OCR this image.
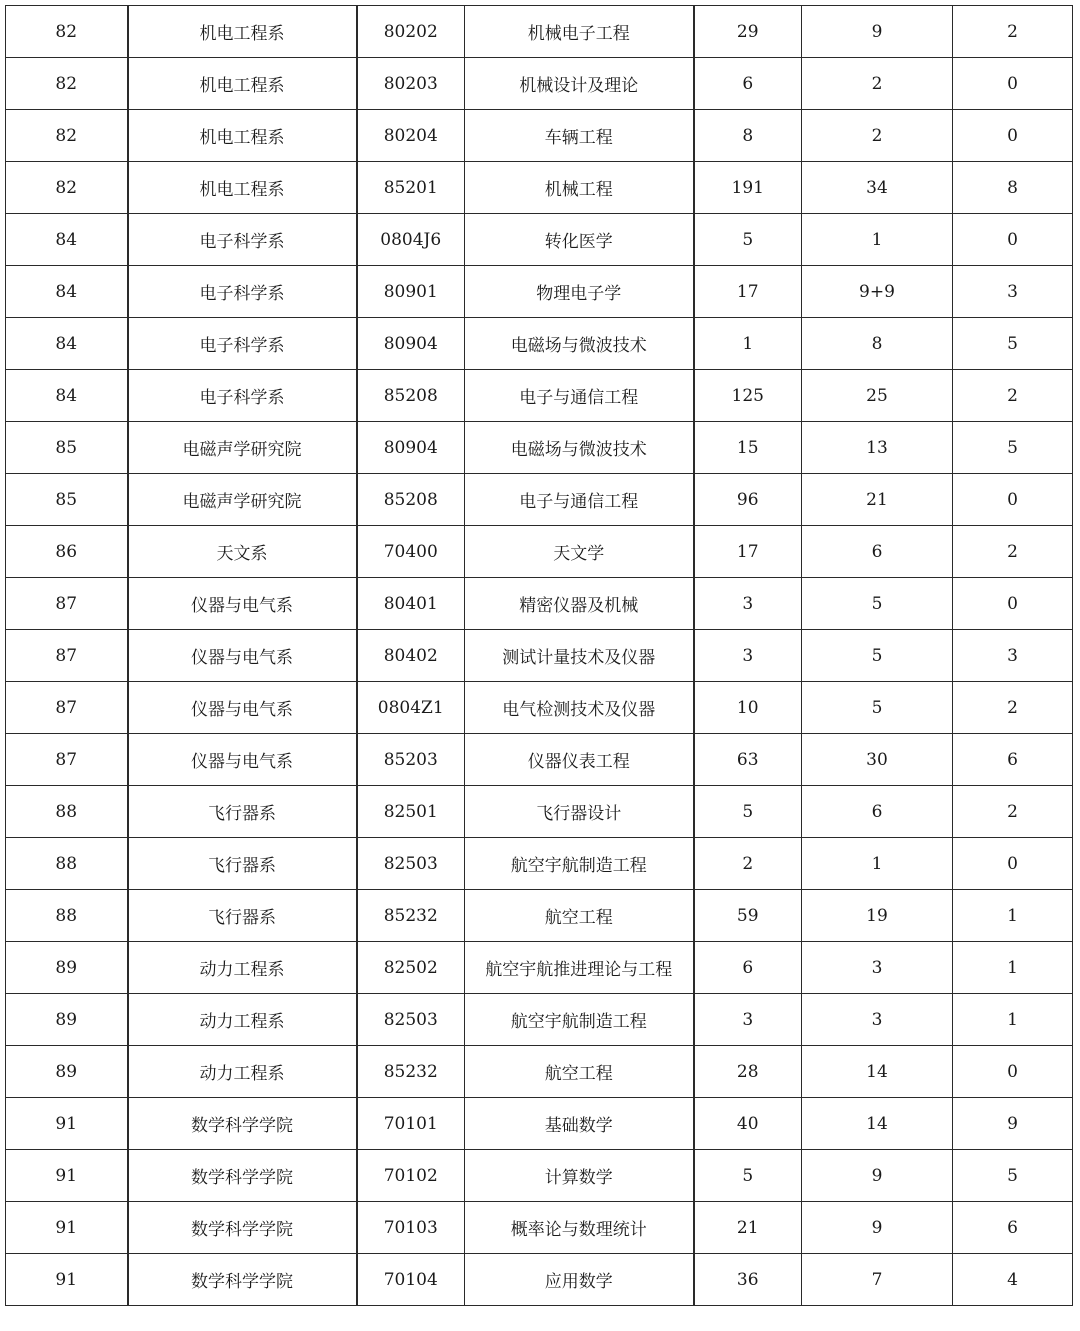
82	机电工程系	80202	机械电子工程	29	9	2
82	机电工程系	80203	机械设计及理论	6	2	0
82	机电工程系	80204	车辆工程	8	2	0
82	机电工程系	85201	机械工程	191	34	8
84	电子科学系	0804J6	转化医学	5	1	0
84	电子科学系	80901	物理电子学	17	9+9	3
84	电子科学系	80904	电磁场与微波技术	1	8	5
84	电子科学系	85208	电子与通信工程	125	25	2
85	电磁声学研究院	80904	电磁场与微波技术	15	13	5
85	电磁声学研究院	85208	电子与通信工程	96	21	0
86	天文系	70400	天文学	17	6	2
87	仪器与电气系	80401	精密仪器及机械	3	5	0
87	仪器与电气系	80402	测试计量技术及仪器	3	5	3
87	仪器与电气系	0804Z1	电气检测技术及仪器	10	5	2
87	仪器与电气系	85203	仪器仪表工程	63	30	6
88	飞行器系	82501	飞行器设计	5	6	2
88	飞行器系	82503	航空宇航制造工程	2	1	0
88	飞行器系	85232	航空工程	59	19	1
89	动力工程系	82502	航空宇航推进理论与工程	6	3	1
89	动力工程系	82503	航空宇航制造工程	3	3	1
89	动力工程系	85232	航空工程	28	14	0
91	数学科学学院	70101	基础数学	40	14	9
91	数学科学学院	70102	计算数学	5	9	5
91	数学科学学院	70103	概率论与数理统计	21	9	6
91	数学科学学院	70104	应用数学	36	7	4
